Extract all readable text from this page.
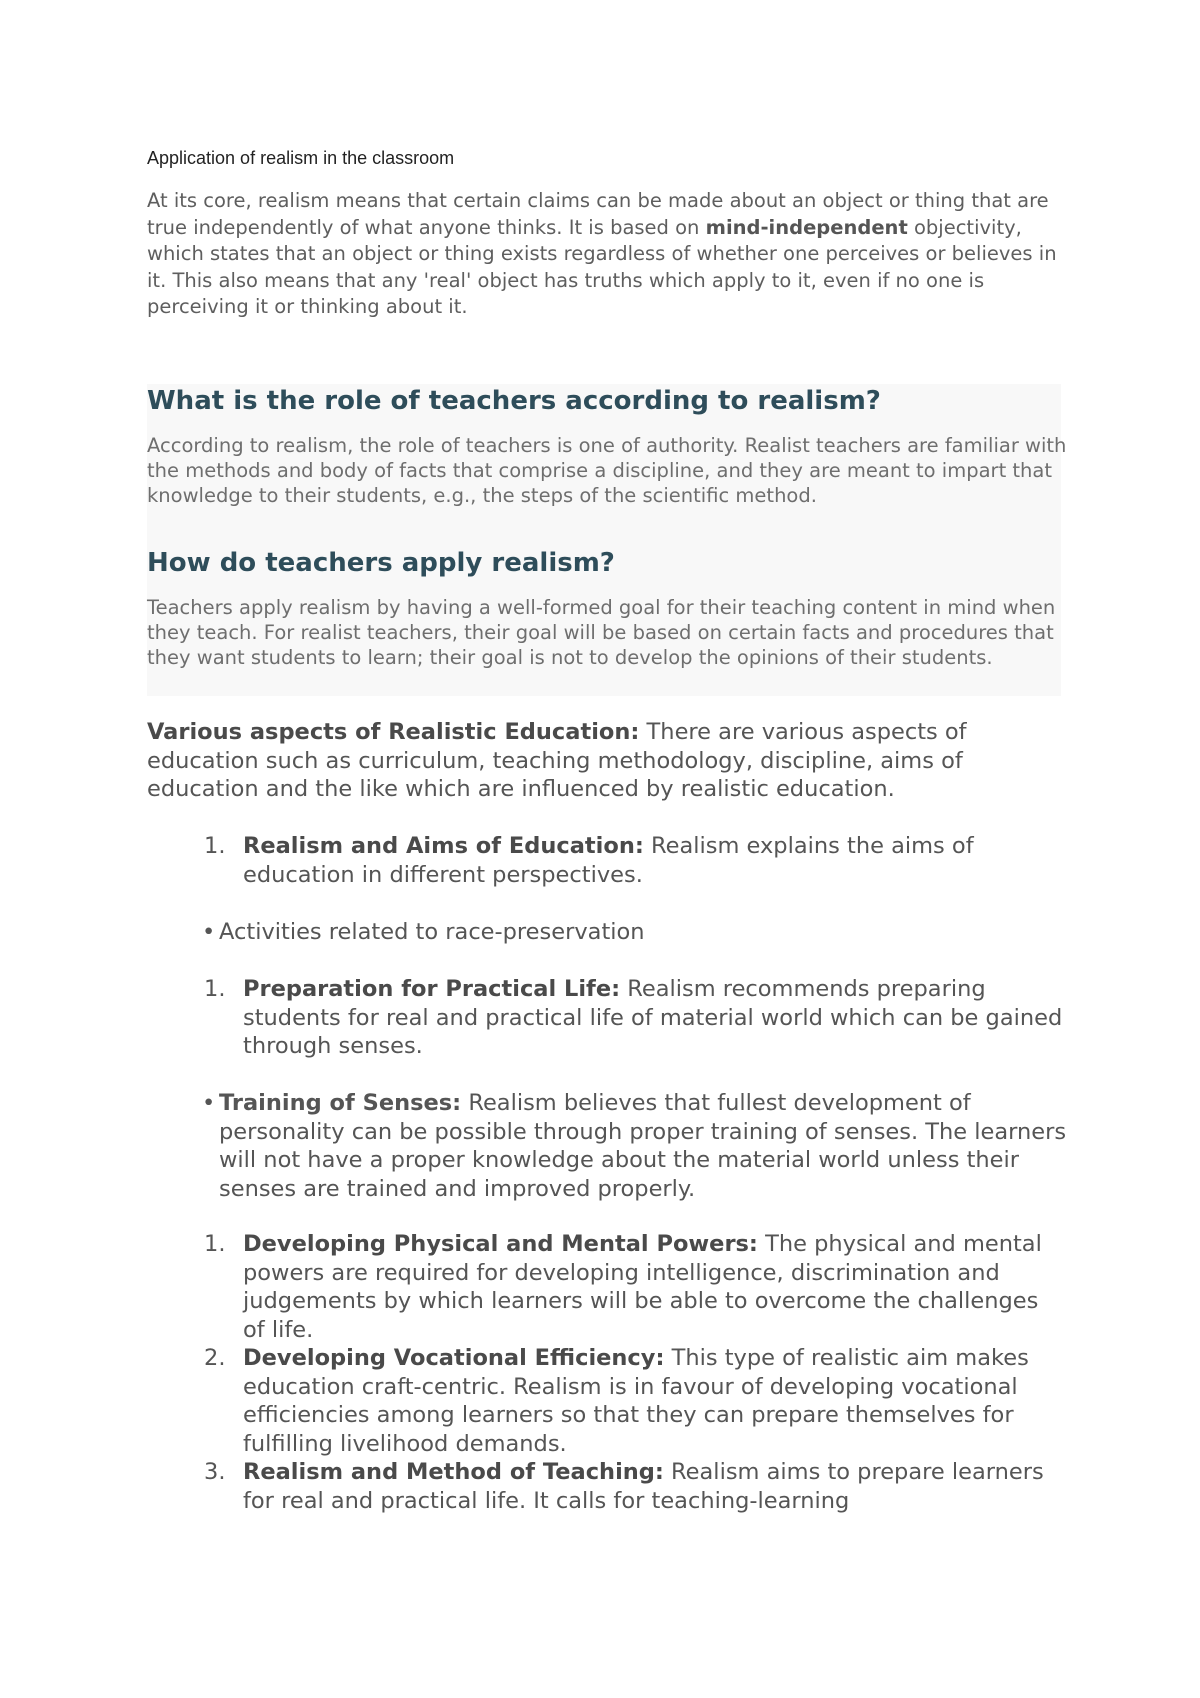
Application of realism in the classroom
At its core, realism means that certain claims can be made about an object or thing that are true independently of what anyone thinks. It is based on mind-independent objectivity, which states that an object or thing exists regardless of whether one perceives or believes in it. This also means that any 'real' object has truths which apply to it, even if no one is perceiving it or thinking about it.
What is the role of teachers according to realism?
According to realism, the role of teachers is one of authority. Realist teachers are familiar with the methods and body of facts that comprise a discipline, and they are meant to impart that knowledge to their students, e.g., the steps of the scientific method.
How do teachers apply realism?
Teachers apply realism by having a well-formed goal for their teaching content in mind when they teach. For realist teachers, their goal will be based on certain facts and procedures that they want students to learn; their goal is not to develop the opinions of their students.
Various aspects of Realistic Education: There are various aspects of education such as curriculum, teaching methodology, discipline, aims of education and the like which are influenced by realistic education.
1. Realism and Aims of Education: Realism explains the aims of education in different perspectives.
•Activities related to race-preservation
1. Preparation for Practical Life: Realism recommends preparing students for real and practical life of material world which can be gained through senses.
•Training of Senses: Realism believes that fullest development of personality can be possible through proper training of senses. The learners will not have a proper knowledge about the material world unless their senses are trained and improved properly.
1. Developing Physical and Mental Powers: The physical and mental powers are required for developing intelligence, discrimination and judgements by which learners will be able to overcome the challenges of life.
2. Developing Vocational Efficiency: This type of realistic aim makes education craft-centric. Realism is in favour of developing vocational efficiencies among learners so that they can prepare themselves for fulfilling livelihood demands.
3. Realism and Method of Teaching: Realism aims to prepare learners for real and practical life. It calls for teaching-learning
